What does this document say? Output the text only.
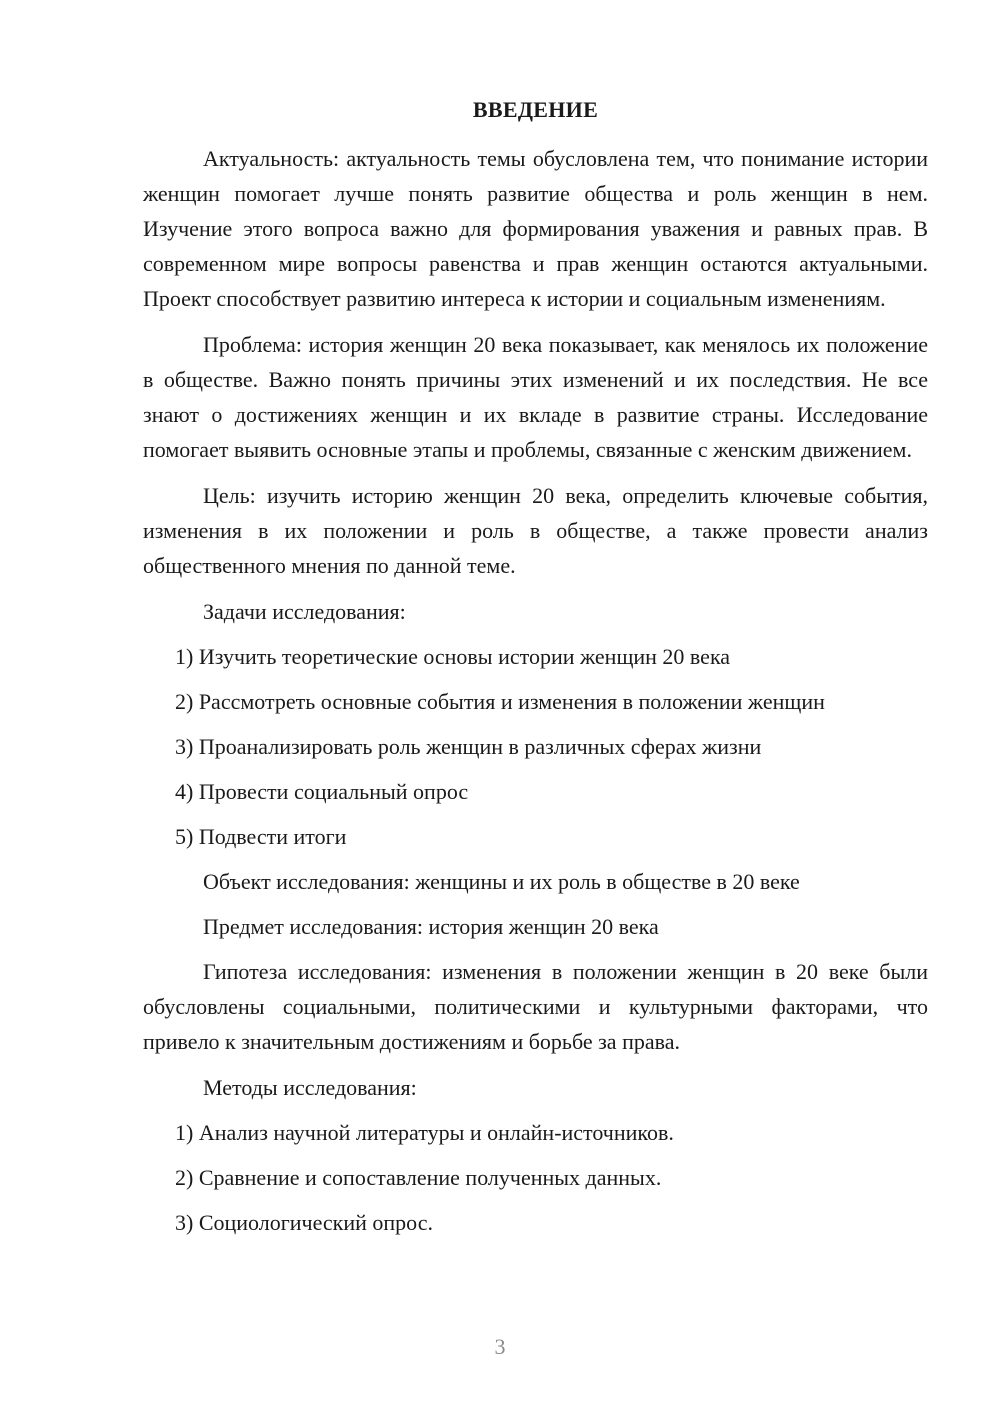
ВВЕДЕНИЕ

Актуальность: актуальность темы обусловлена тем, что понимание истории женщин помогает лучше понять развитие общества и роль женщин в нем. Изучение этого вопроса важно для формирования уважения и равных прав. В современном мире вопросы равенства и прав женщин остаются актуальными. Проект способствует развитию интереса к истории и социальным изменениям.

Проблема: история женщин 20 века показывает, как менялось их положение в обществе. Важно понять причины этих изменений и их последствия. Не все знают о достижениях женщин и их вкладе в развитие страны. Исследование помогает выявить основные этапы и проблемы, связанные с женским движением.

Цель: изучить историю женщин 20 века, определить ключевые события, изменения в их положении и роль в обществе, а также провести анализ общественного мнения по данной теме.

Задачи исследования:

1) Изучить теоретические основы истории женщин 20 века

2) Рассмотреть основные события и изменения в положении женщин

3) Проанализировать роль женщин в различных сферах жизни

4) Провести социальный опрос

5) Подвести итоги

Объект исследования: женщины и их роль в обществе в 20 веке

Предмет исследования: история женщин 20 века

Гипотеза исследования: изменения в положении женщин в 20 веке были обусловлены социальными, политическими и культурными факторами, что привело к значительным достижениям и борьбе за права.

Методы исследования:

1) Анализ научной литературы и онлайн-источников.

2) Сравнение и сопоставление полученных данных.

3) Социологический опрос.

3
